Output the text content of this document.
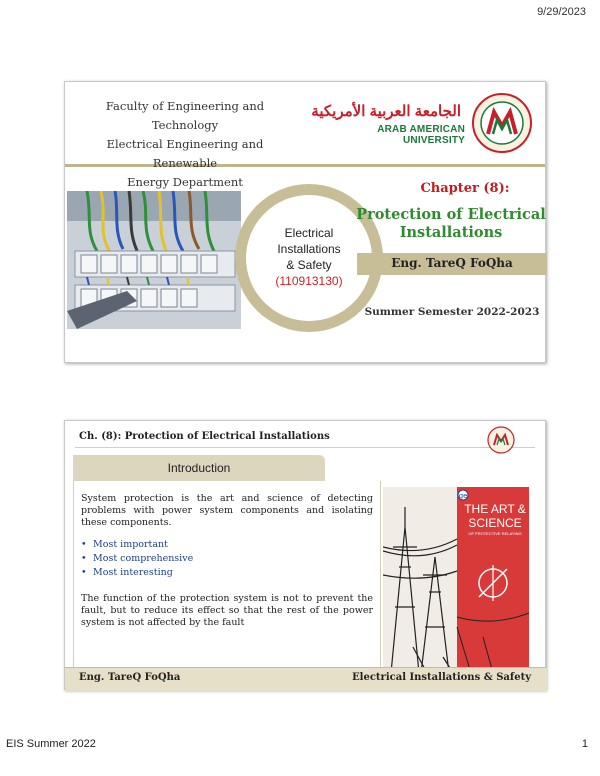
9/29/2023
EIS Summer 2022	1
Faculty of Engineering and Technology
Electrical Engineering and Renewable
Energy Department
الجامعة العربية الأمريكية
ARAB AMERICAN UNIVERSITY
Electrical
Installations
& Safety
(110913130)
Chapter (8):
Protection of Electrical
Installations
Eng. TareQ FoQha
Summer Semester 2022-2023
Ch. (8): Protection of Electrical Installations
Introduction
System protection is the art and science of detecting problems with power system components and isolating these components.
• Most important
• Most comprehensive
• Most interesting
The function of the protection system is not to prevent the fault, but to reduce its effect so that the rest of the power system is not affected by the fault
ge
THE ART &
SCIENCE
OF PROTECTIVE RELAYING
Eng. TareQ FoQha	Electrical Installations & Safety
